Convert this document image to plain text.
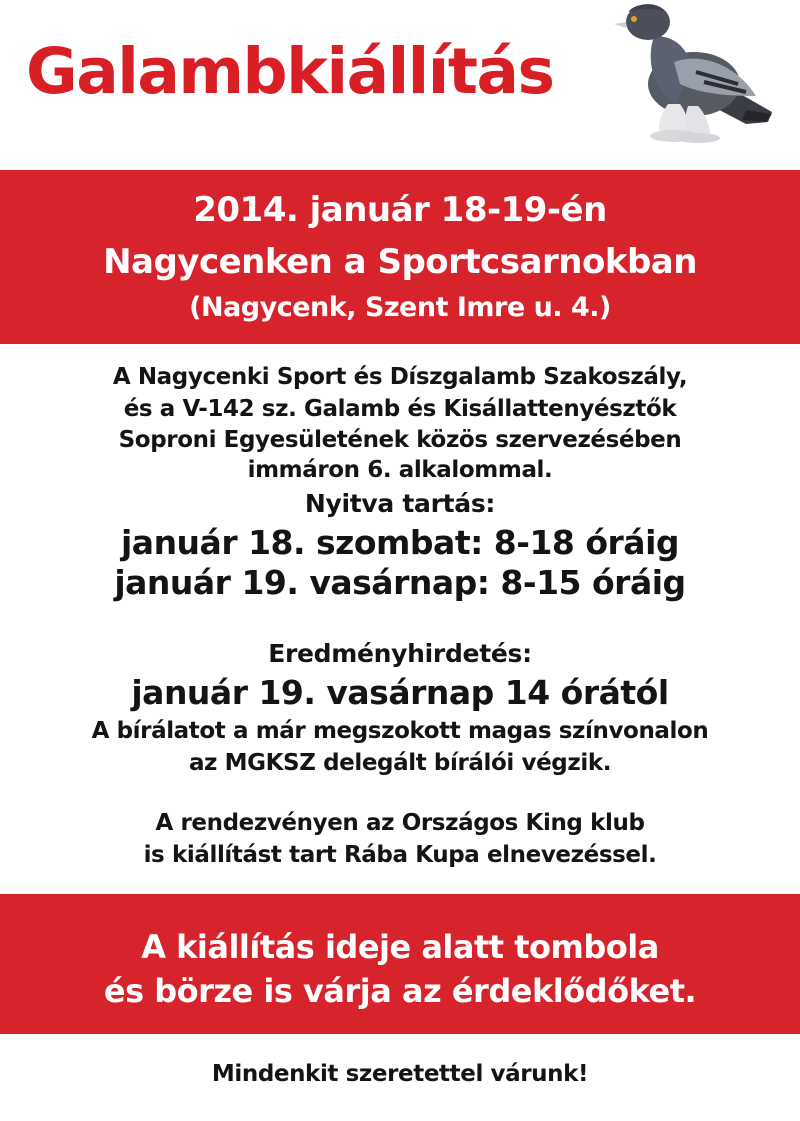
Galambkiállítás
2014. január 18-19-én
Nagycenken a Sportcsarnokban
(Nagycenk, Szent Imre u. 4.)
A Nagycenki Sport és Díszgalamb Szakoszály,
és a V-142 sz. Galamb és Kisállattenyésztők
Soproni Egyesületének közös szervezésében
immáron 6. alkalommal.
Nyitva tartás:
január 18. szombat: 8-18 óráig
január 19. vasárnap: 8-15 óráig
Eredményhirdetés:
január 19. vasárnap 14 órától
A bírálatot a már megszokott magas színvonalon
az MGKSZ delegált bírálói végzik.
A rendezvényen az Országos King klub
is kiállítást tart Rába Kupa elnevezéssel.
A kiállítás ideje alatt tombola
és börze is várja az érdeklődőket.
Mindenkit szeretettel várunk!
